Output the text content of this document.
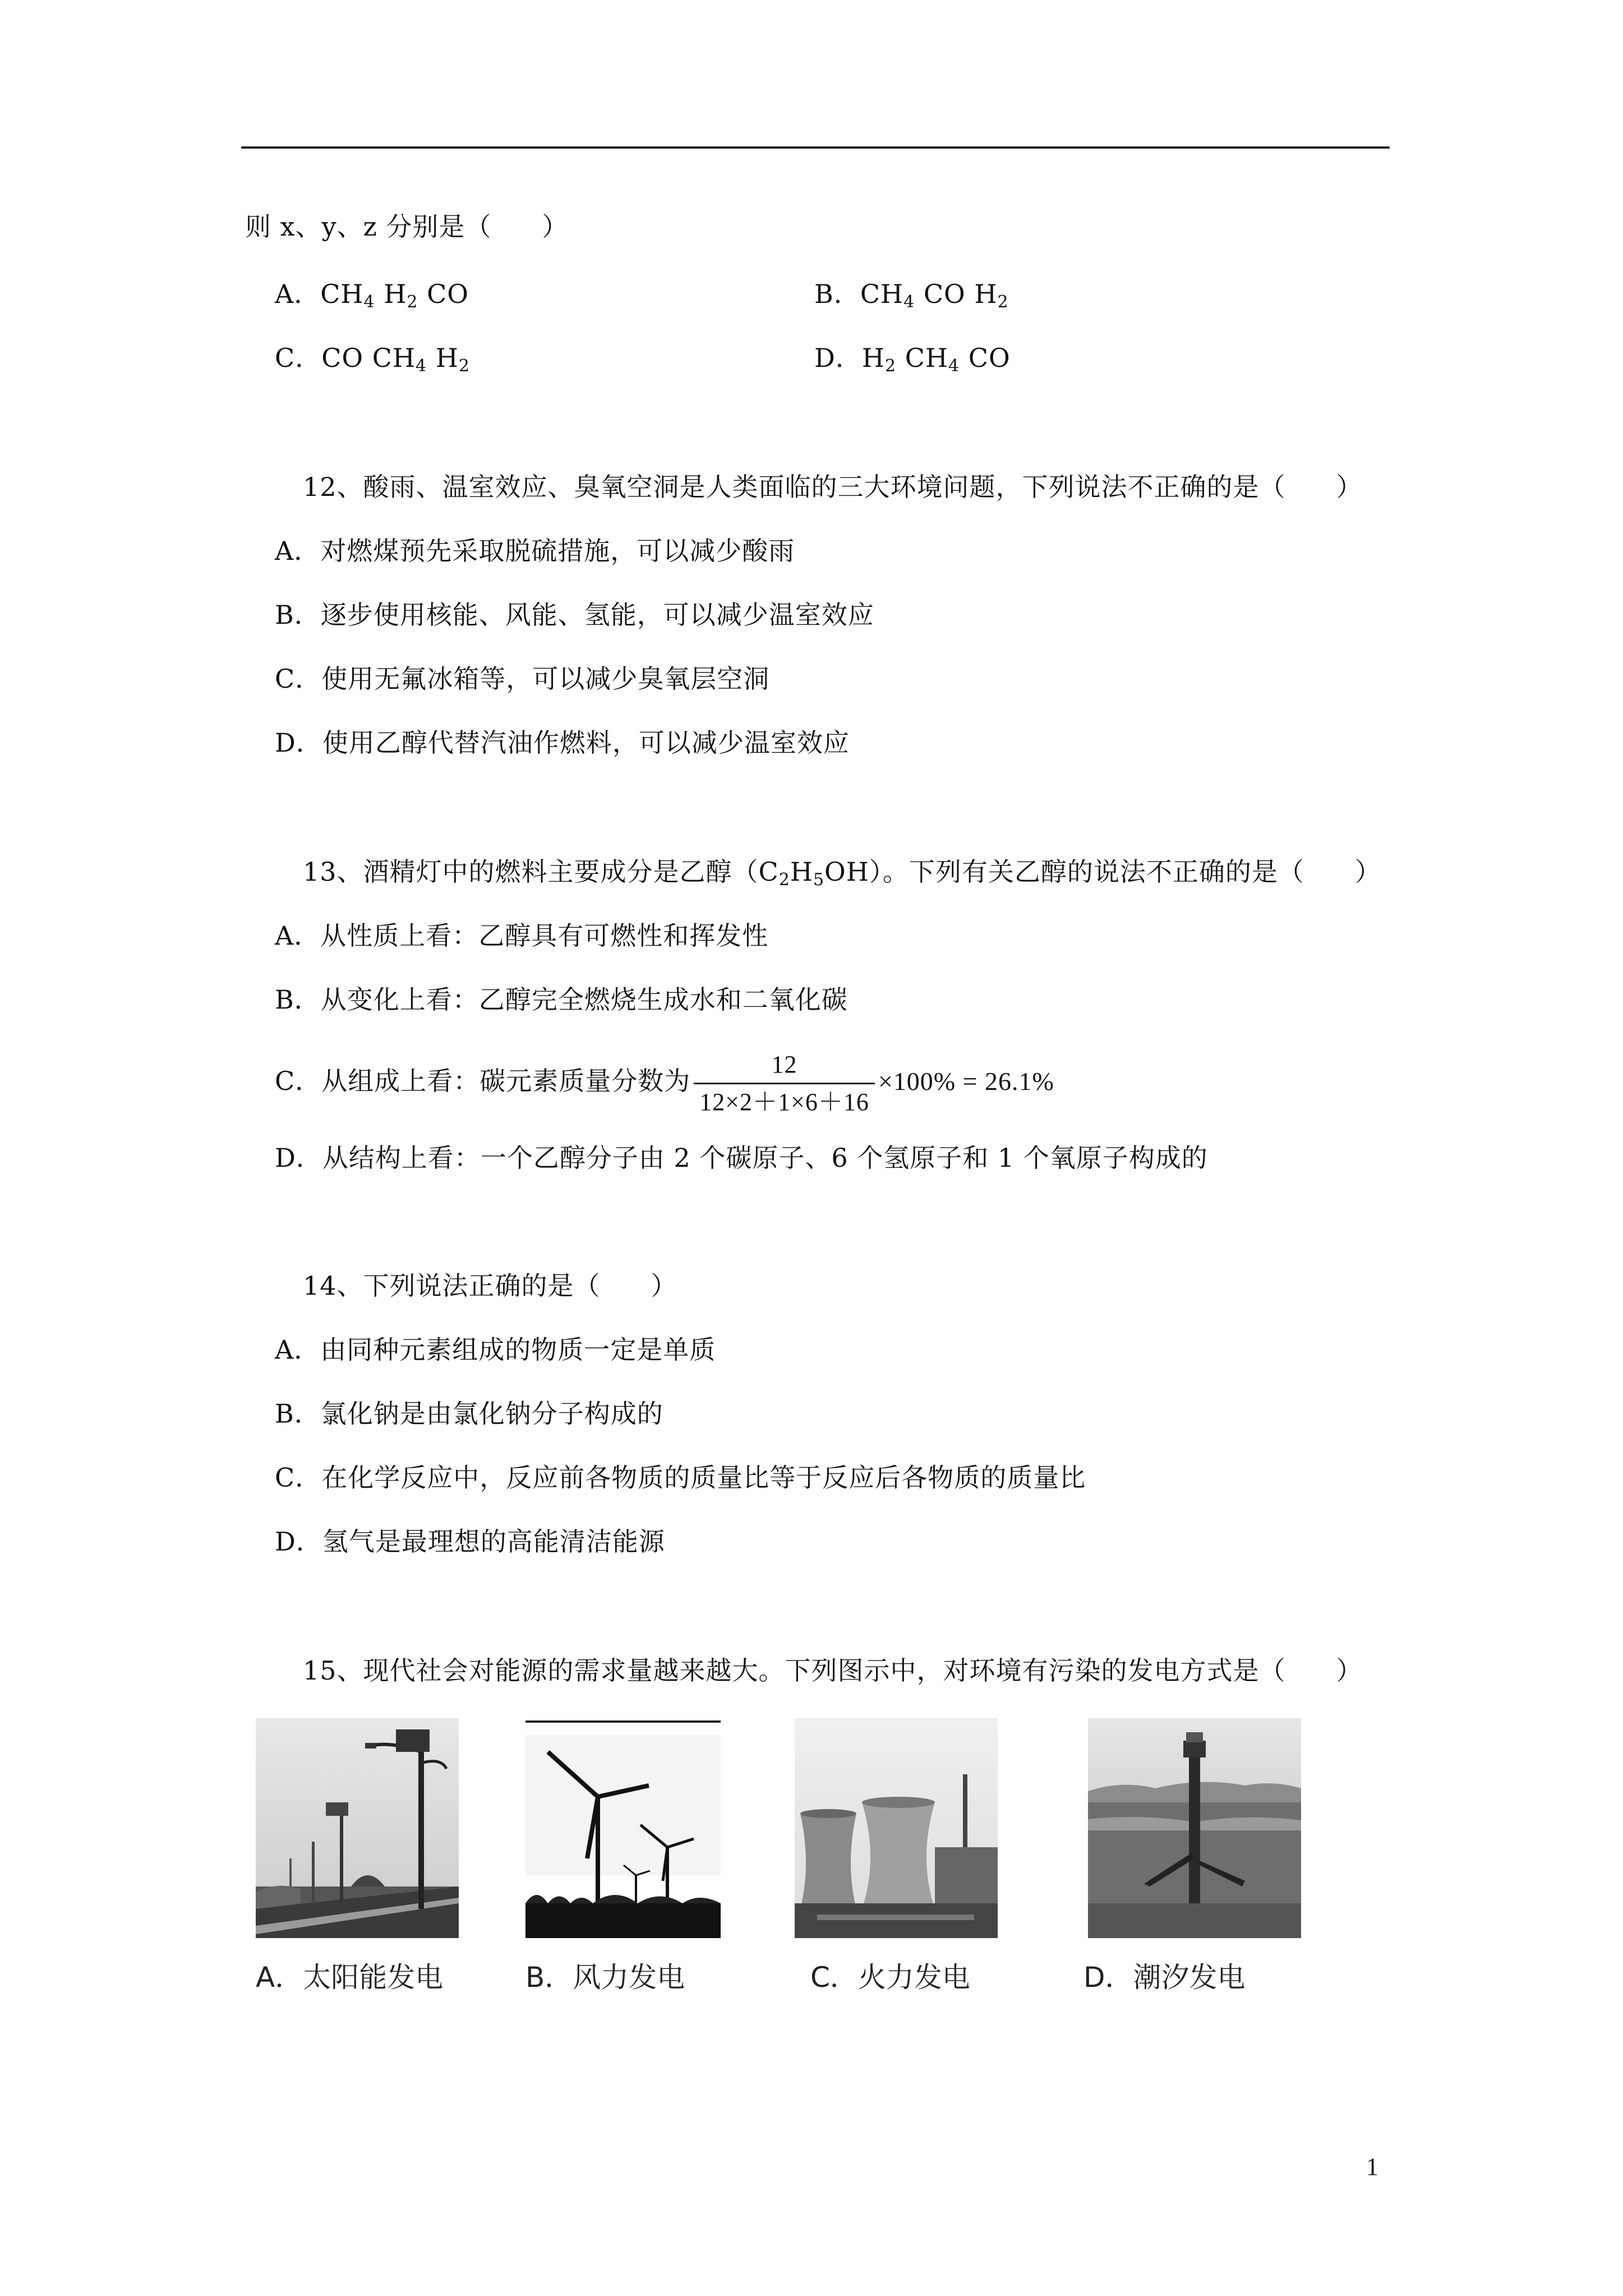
则 x、y、z 分别是（ ）
A．$CH_4$ $H_2$ CO	B．$CH_4$ CO $H_2$
C．CO $CH_4$ $H_2$	D．$H_2$ $CH_4$ CO
12、酸雨、温室效应、臭氧空洞是人类面临的三大环境问题，下列说法不正确的是（ ）
A．对燃煤预先采取脱硫措施，可以减少酸雨
B．逐步使用核能、风能、氢能，可以减少温室效应
C．使用无氟冰箱等，可以减少臭氧层空洞
D．使用乙醇代替汽油作燃料，可以减少温室效应
13、酒精灯中的燃料主要成分是乙醇$(C_2H_5OH)$。下列有关乙醇的说法不正确的是（ ）
A．从性质上看：乙醇具有可燃性和挥发性
B．从变化上看：乙醇完全燃烧生成水和二氧化碳
C．从组成上看：碳元素质量分数为 $\frac{12}{12\times 2+1\times 6+16} \times 100\% = 26.1\%$
D．从结构上看：一个乙醇分子由 2 个碳原子、6 个氢原子和 1 个氧原子构成的
14、下列说法正确的是（ ）
A．由同种元素组成的物质一定是单质
B．氯化钠是由氯化钠分子构成的
C．在化学反应中，反应前各物质的质量比等于反应后各物质的质量比
D．氢气是最理想的高能清洁能源
15、现代社会对能源的需求量越来越大。下列图示中，对环境有污染的发电方式是（ ）
A．太阳能发电	B．风力发电	C．火力发电	D．潮汐发电
1
